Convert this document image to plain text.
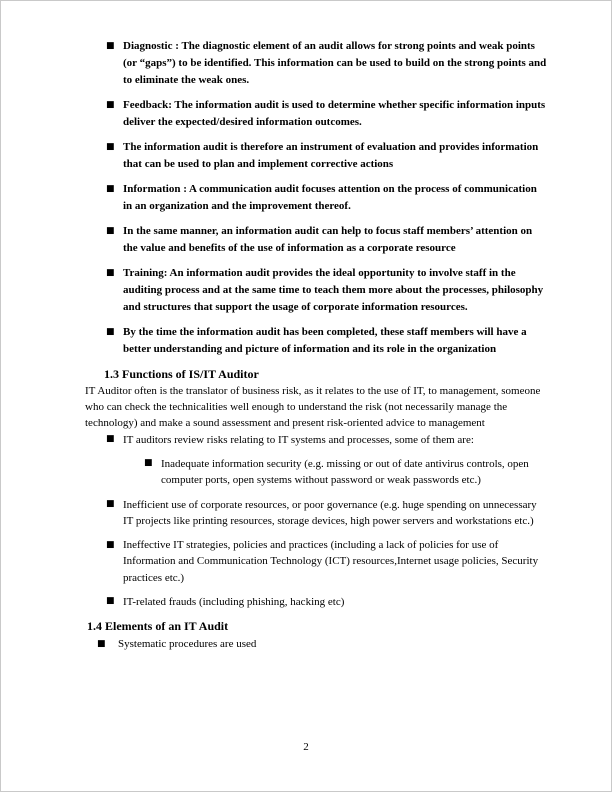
■ Diagnostic : The diagnostic element of an audit allows for strong points and weak points (or “gaps”) to be identified. This information can be used to build on the strong points and to eliminate the weak ones.
■ Feedback: The information audit is used to determine whether specific information inputs deliver the expected/desired information outcomes.
■ The information audit is therefore an instrument of evaluation and provides information that can be used to plan and implement corrective actions
■ Information : A communication audit focuses attention on the process of communication in an organization and the improvement thereof.
■ In the same manner, an information audit can help to focus staff members’ attention on the value and benefits of the use of information as a corporate resource
■ Training: An information audit provides the ideal opportunity to involve staff in the auditing process and at the same time to teach them more about the processes, philosophy and structures that support the usage of corporate information resources.
■ By the time the information audit has been completed, these staff members will have a better understanding and picture of information and its role in the organization
1.3 Functions of IS/IT Auditor

IT Auditor often is the translator of business risk, as it relates to the use of IT, to management, someone who can check the technicalities well enough to understand the risk (not necessarily manage the technology) and make a sound assessment and present risk-oriented advice to management

■ IT auditors review risks relating to IT systems and processes, some of them are:
■ Inadequate information security (e.g. missing or out of date antivirus controls, open computer ports, open systems without password or weak passwords etc.)
■ Inefficient use of corporate resources, or poor governance (e.g. huge spending on unnecessary IT projects like printing resources, storage devices, high power servers and workstations etc.)
■ Ineffective IT strategies, policies and practices (including a lack of policies for use of Information and Communication Technology (ICT) resources,Internet usage policies, Security practices etc.)
■ IT-related frauds (including phishing, hacking etc)
1.4 Elements of an IT Audit
■ Systematic procedures are used
2
